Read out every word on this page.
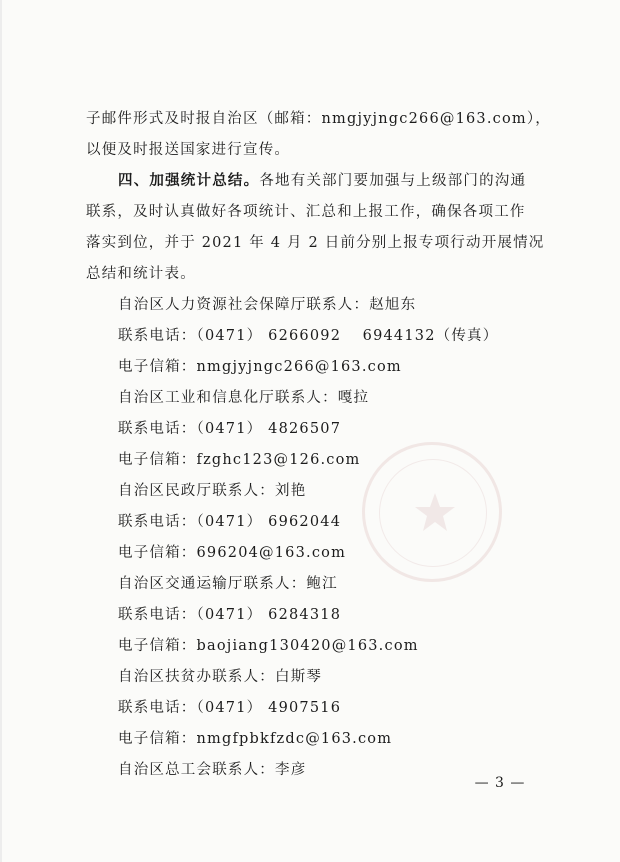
子邮件形式及时报自治区（邮箱：nmgjyjngc266@163.com），
以便及时报送国家进行宣传。
四、加强统计总结。各地有关部门要加强与上级部门的沟通
联系，及时认真做好各项统计、汇总和上报工作，确保各项工作
落实到位，并于 2021 年 4 月 2 日前分别上报专项行动开展情况
总结和统计表。
自治区人力资源社会保障厅联系人：赵旭东
联系电话：（0471） 6266092　 6944132（传真）
电子信箱：nmgjyjngc266@163.com
自治区工业和信息化厅联系人：嘎拉
联系电话：（0471） 4826507
电子信箱：fzghc123@126.com
自治区民政厅联系人：刘艳
联系电话：（0471） 6962044
电子信箱：696204@163.com
自治区交通运输厅联系人：鲍江
联系电话：（0471） 6284318
电子信箱：baojiang130420@163.com
自治区扶贫办联系人：白斯琴
联系电话：（0471） 4907516
电子信箱：nmgfpbkfzdc@163.com
自治区总工会联系人：李彦
— 3 —
